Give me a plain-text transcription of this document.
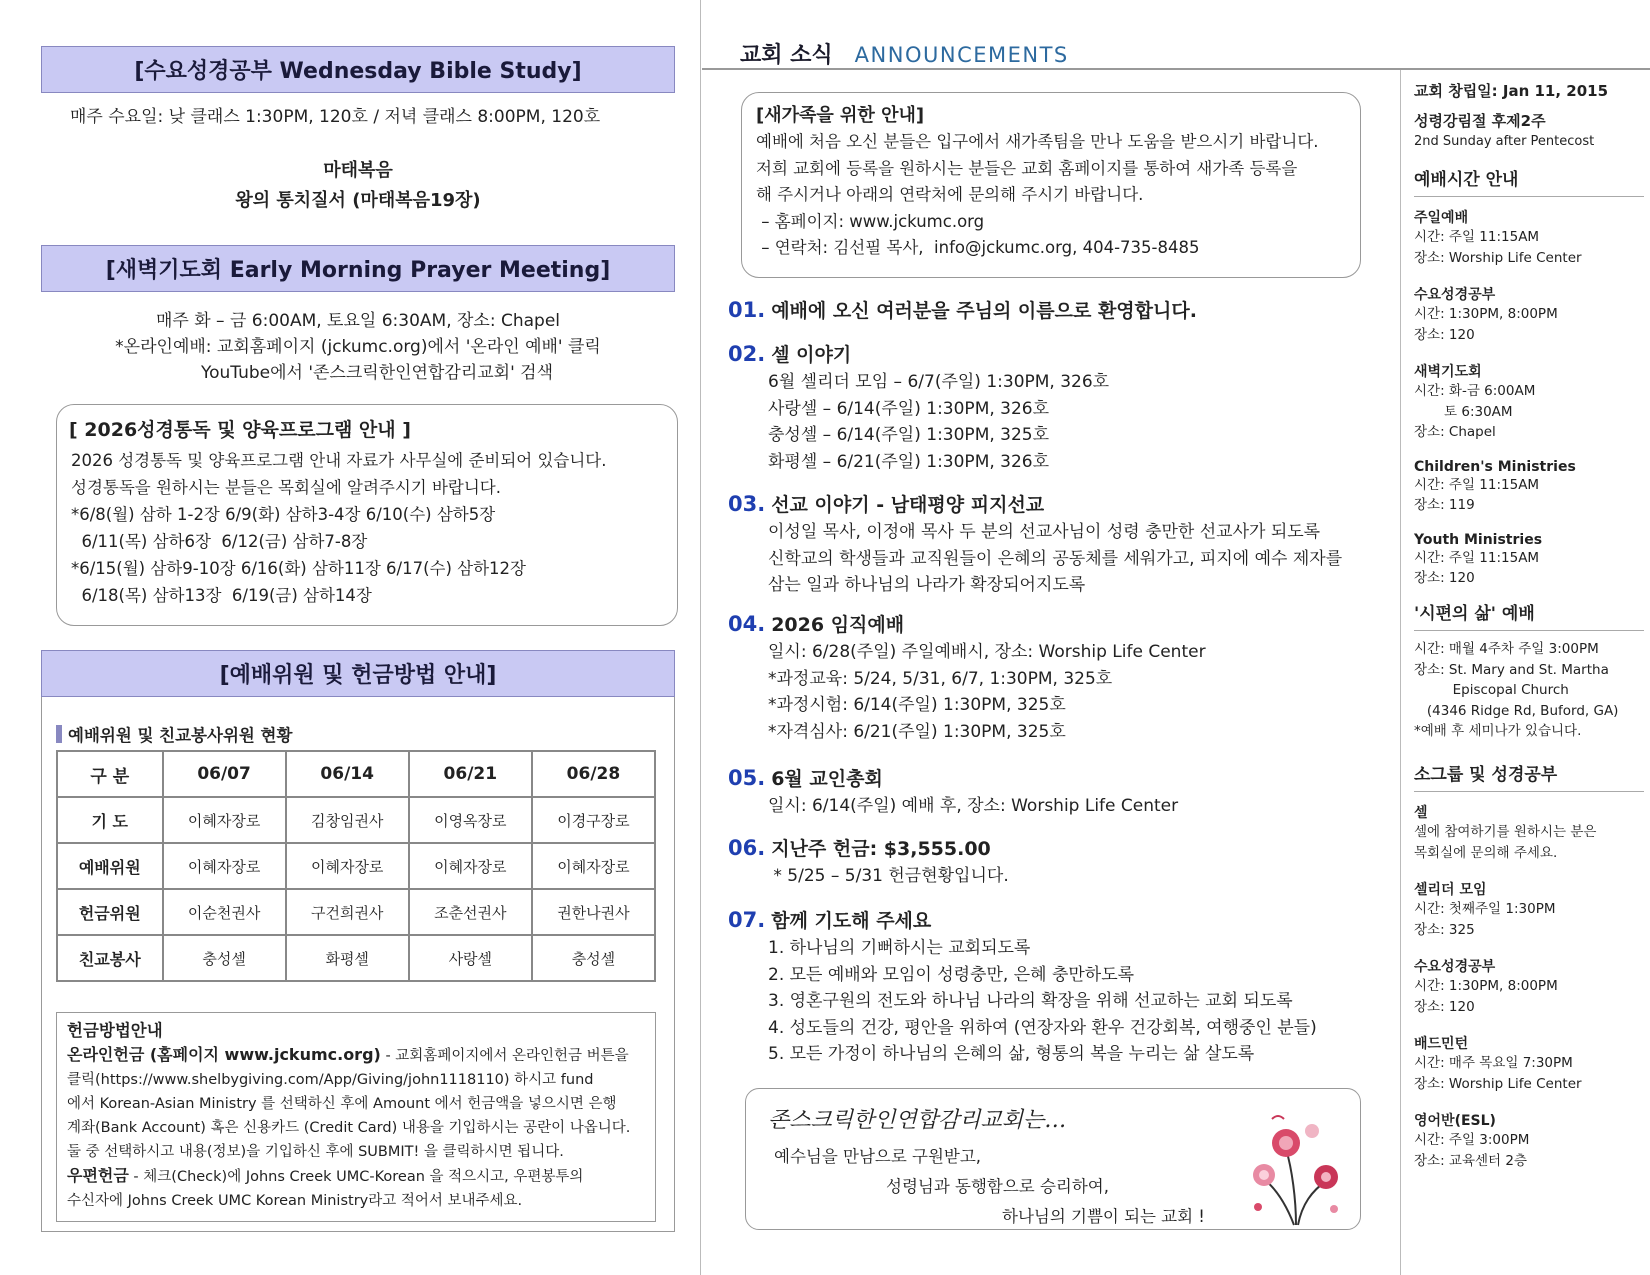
[수요성경공부 Wednesday Bible Study]
매주 수요일: 낮 클래스 1:30PM, 120호 / 저녁 클래스 8:00PM, 120호
마태복음
왕의 통치질서 (마태복음19장)
[새벽기도회 Early Morning Prayer Meeting]
매주 화 – 금 6:00AM, 토요일 6:30AM, 장소: Chapel
*온라인예배: 교회홈페이지 (jckumc.org)에서 '온라인 예배' 클릭
YouTube에서 '존스크릭한인연합감리교회' 검색
[ 2026성경통독 및 양육프로그램 안내 ]
2026 성경통독 및 양육프로그램 안내 자료가 사무실에 준비되어 있습니다.
성경통독을 원하시는 분들은 목회실에 알려주시기 바랍니다.
*6/8(월) 삼하 1-2장 6/9(화) 삼하3-4장 6/10(수) 삼하5장
6/11(목) 삼하6장  6/12(금) 삼하7-8장
*6/15(월) 삼하9-10장 6/16(화) 삼하11장 6/17(수) 삼하12장
6/18(목) 삼하13장  6/19(금) 삼하14장
[예배위원 및 헌금방법 안내]
예배위원 및 친교봉사위원 현황
구 분	06/07	06/14	06/21	06/28
기 도	이혜자장로	김창임권사	이영옥장로	이경구장로
예배위원	이혜자장로	이혜자장로	이혜자장로	이혜자장로
헌금위원	이순천권사	구건희권사	조춘선권사	권한나권사
친교봉사	충성셀	화평셀	사랑셀	충성셀
헌금방법안내
온라인헌금 (홈페이지 www.jckumc.org) - 교회홈페이지에서 온라인헌금 버튼을
클릭(https://www.shelbygiving.com/App/Giving/john1118110) 하시고 fund
에서 Korean-Asian Ministry 를 선택하신 후에 Amount 에서 헌금액을 넣으시면 은행
계좌(Bank Account) 혹은 신용카드 (Credit Card) 내용을 기입하시는 공란이 나옵니다.
둘 중 선택하시고 내용(정보)을 기입하신 후에 SUBMIT! 을 클릭하시면 됩니다.
우편헌금 - 체크(Check)에 Johns Creek UMC-Korean 을 적으시고, 우편봉투의
수신자에 Johns Creek UMC Korean Ministry라고 적어서 보내주세요.
교회 소식 ANNOUNCEMENTS
[새가족을 위한 안내]
예배에 처음 오신 분들은 입구에서 새가족팀을 만나 도움을 받으시기 바랍니다.
저희 교회에 등록을 원하시는 분들은 교회 홈페이지를 통하여 새가족 등록을
해 주시거나 아래의 연락처에 문의해 주시기 바랍니다.
– 홈페이지: www.jckumc.org
– 연락처: 김선필 목사,  info@jckumc.org, 404-735-8485
01. 예배에 오신 여러분을 주님의 이름으로 환영합니다.
02. 셀 이야기
6월 셀리더 모임 – 6/7(주일) 1:30PM, 326호
사랑셀 – 6/14(주일) 1:30PM, 326호
충성셀 – 6/14(주일) 1:30PM, 325호
화평셀 – 6/21(주일) 1:30PM, 326호
03. 선교 이야기 - 남태평양 피지선교
이성일 목사, 이정애 목사 두 분의 선교사님이 성령 충만한 선교사가 되도록
신학교의 학생들과 교직원들이 은혜의 공동체를 세워가고, 피지에 예수 제자를
삼는 일과 하나님의 나라가 확장되어지도록
04. 2026 임직예배
일시: 6/28(주일) 주일예배시, 장소: Worship Life Center
*과정교육: 5/24, 5/31, 6/7, 1:30PM, 325호
*과정시험: 6/14(주일) 1:30PM, 325호
*자격심사: 6/21(주일) 1:30PM, 325호
05. 6월 교인총회
일시: 6/14(주일) 예배 후, 장소: Worship Life Center
06. 지난주 헌금: $3,555.00
* 5/25 – 5/31 헌금현황입니다.
07. 함께 기도해 주세요
1. 하나님의 기뻐하시는 교회되도록
2. 모든 예배와 모임이 성령충만, 은혜 충만하도록
3. 영혼구원의 전도와 하나님 나라의 확장을 위해 선교하는 교회 되도록
4. 성도들의 건강, 평안을 위하여 (연장자와 환우 건강회복, 여행중인 분들)
5. 모든 가정이 하나님의 은혜의 삶, 형통의 복을 누리는 삶 살도록
존스크릭한인연합감리교회는…
예수님을 만남으로 구원받고,
성령님과 동행함으로 승리하여,
하나님의 기쁨이 되는 교회 !
교회 창립일: Jan 11, 2015
성령강림절 후제2주
2nd Sunday after Pentecost
예배시간 안내
주일예배
시간: 주일 11:15AM
장소: Worship Life Center
수요성경공부
시간: 1:30PM, 8:00PM
장소: 120
새벽기도회
시간: 화-금 6:00AM
토 6:30AM
장소: Chapel
Children's Ministries
시간: 주일 11:15AM
장소: 119
Youth Ministries
시간: 주일 11:15AM
장소: 120
'시편의 삶' 예배
시간: 매월 4주차 주일 3:00PM
장소: St. Mary and St. Martha
Episcopal Church
(4346 Ridge Rd, Buford, GA)
*예배 후 세미나가 있습니다.
소그룹 및 성경공부
셀
셀에 참여하기를 원하시는 분은
목회실에 문의해 주세요.
셀리더 모임
시간: 첫째주일 1:30PM
장소: 325
수요성경공부
시간: 1:30PM, 8:00PM
장소: 120
배드민턴
시간: 매주 목요일 7:30PM
장소: Worship Life Center
영어반(ESL)
시간: 주일 3:00PM
장소: 교육센터 2층
